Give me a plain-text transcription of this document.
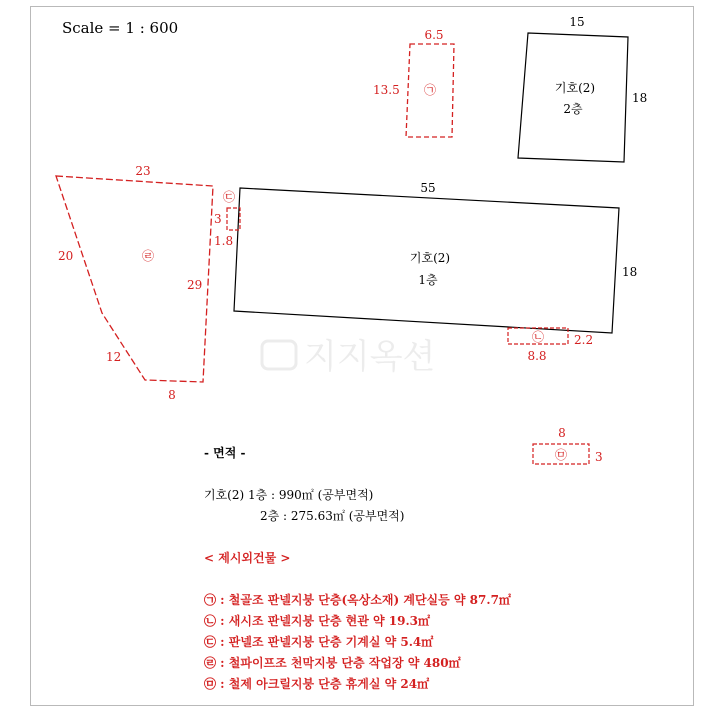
Scale = 1 : 600
지지옥션
㉠
6.5
13.5
15
18
기호(2)
2층
55
18
기호(2)
1층
㉢
3
1.8
㉡
8.8
2.2
㉣
23
20
29
12
8
㉤
8
3
- 면적 -
기호(2) 1층 : 990㎡ (공부면적)
2층 : 275.63㎡ (공부면적)
< 제시외건물 >
㉠ : 철골조 판넬지붕 단층(옥상소재) 계단실등 약 87.7㎡
㉡ : 새시조 판넬지붕 단층 현관 약 19.3㎡
㉢ : 판넬조 판넬지붕 단층 기계실 약 5.4㎡
㉣ : 철파이프조 천막지붕 단층 작업장 약 480㎡
㉤ : 철제 아크릴지붕 단층 휴게실 약 24㎡
